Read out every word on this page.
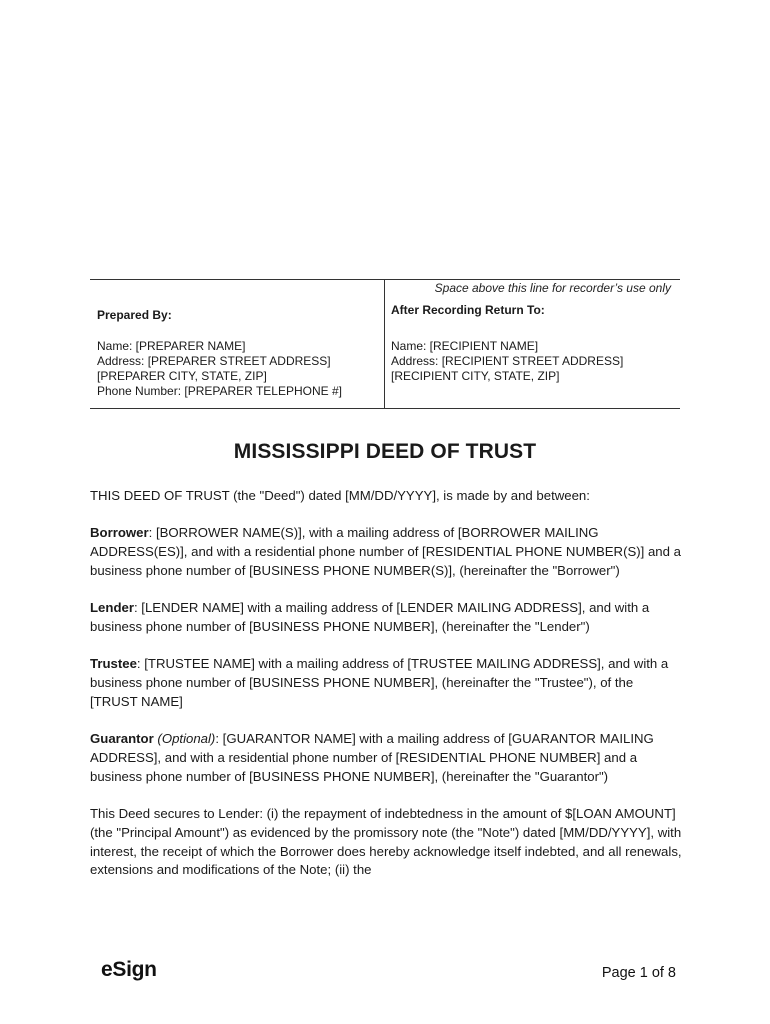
Space above this line for recorder’s use only

Prepared By:

Name: [PREPARER NAME]
Address: [PREPARER STREET ADDRESS]
[PREPARER CITY, STATE, ZIP]
Phone Number: [PREPARER TELEPHONE #]

After Recording Return To:

Name: [RECIPIENT NAME]
Address: [RECIPIENT STREET ADDRESS]
[RECIPIENT CITY, STATE, ZIP]
MISSISSIPPI DEED OF TRUST

THIS DEED OF TRUST (the "Deed") dated [MM/DD/YYYY], is made by and between:

Borrower: [BORROWER NAME(S)], with a mailing address of [BORROWER MAILING ADDRESS(ES)], and with a residential phone number of [RESIDENTIAL PHONE NUMBER(S)] and a business phone number of [BUSINESS PHONE NUMBER(S)], (hereinafter the "Borrower")

Lender: [LENDER NAME] with a mailing address of [LENDER MAILING ADDRESS], and with a business phone number of [BUSINESS PHONE NUMBER], (hereinafter the "Lender")

Trustee: [TRUSTEE NAME] with a mailing address of [TRUSTEE MAILING ADDRESS], and with a business phone number of [BUSINESS PHONE NUMBER], (hereinafter the "Trustee"), of the [TRUST NAME]

Guarantor (Optional): [GUARANTOR NAME] with a mailing address of [GUARANTOR MAILING ADDRESS], and with a residential phone number of [RESIDENTIAL PHONE NUMBER] and a business phone number of [BUSINESS PHONE NUMBER], (hereinafter the "Guarantor")

This Deed secures to Lender: (i) the repayment of indebtedness in the amount of $[LOAN AMOUNT] (the "Principal Amount") as evidenced by the promissory note (the "Note") dated [MM/DD/YYYY], with interest, the receipt of which the Borrower does hereby acknowledge itself indebted, and all renewals, extensions and modifications of the Note; (ii) the

eSign	Page 1 of 8
